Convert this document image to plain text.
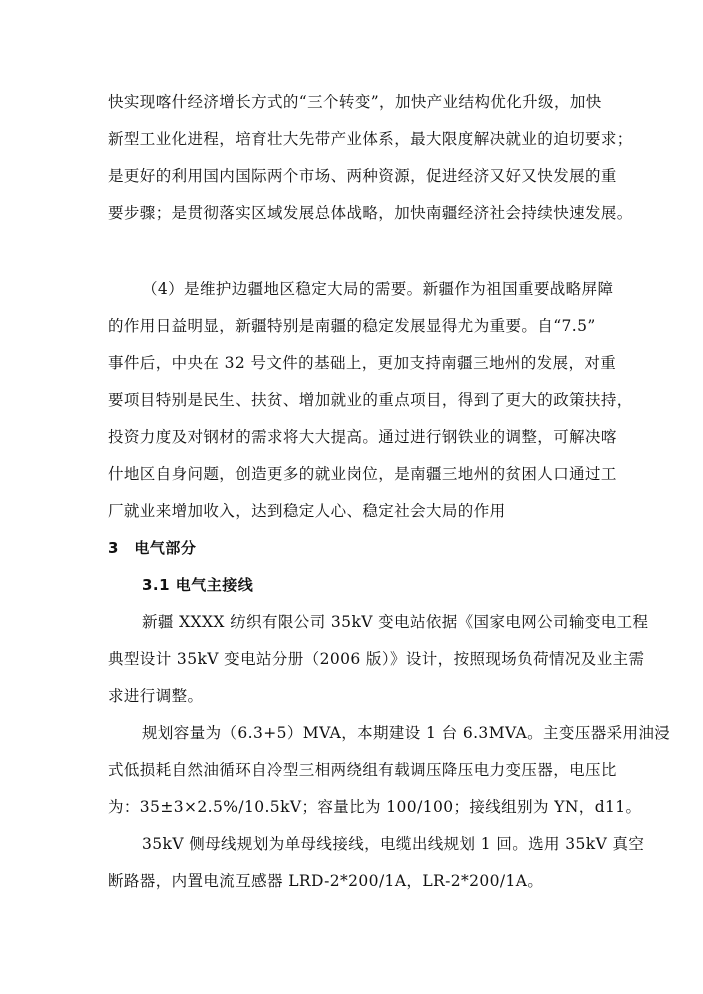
快实现喀什经济增长方式的“三个转变”，加快产业结构优化升级，加快
新型工业化进程，培育壮大先带产业体系，最大限度解决就业的迫切要求；
是更好的利用国内国际两个市场、两种资源，促进经济又好又快发展的重
要步骤；是贯彻落实区域发展总体战略，加快南疆经济社会持续快速发展。
（4）是维护边疆地区稳定大局的需要。新疆作为祖国重要战略屏障
的作用日益明显，新疆特别是南疆的稳定发展显得尤为重要。自“7.5”
事件后，中央在 32 号文件的基础上，更加支持南疆三地州的发展，对重
要项目特别是民生、扶贫、增加就业的重点项目，得到了更大的政策扶持，
投资力度及对钢材的需求将大大提高。通过进行钢铁业的调整，可解决喀
什地区自身问题，创造更多的就业岗位，是南疆三地州的贫困人口通过工
厂就业来增加收入，达到稳定人心、稳定社会大局的作用
3　电气部分
3.1 电气主接线
新疆 XXXX 纺织有限公司 35kV 变电站依据《国家电网公司输变电工程
典型设计 35kV 变电站分册（2006 版）》设计，按照现场负荷情况及业主需
求进行调整。
规划容量为（6.3+5）MVA，本期建设 1 台 6.3MVA。主变压器采用油浸
式低损耗自然油循环自冷型三相两绕组有载调压降压电力变压器，电压比
为：35±3×2.5%/10.5kV；容量比为 100/100；接线组别为 YN，d11。
35kV 侧母线规划为单母线接线，电缆出线规划 1 回。选用 35kV 真空
断路器，内置电流互感器 LRD-2*200/1A，LR-2*200/1A。
